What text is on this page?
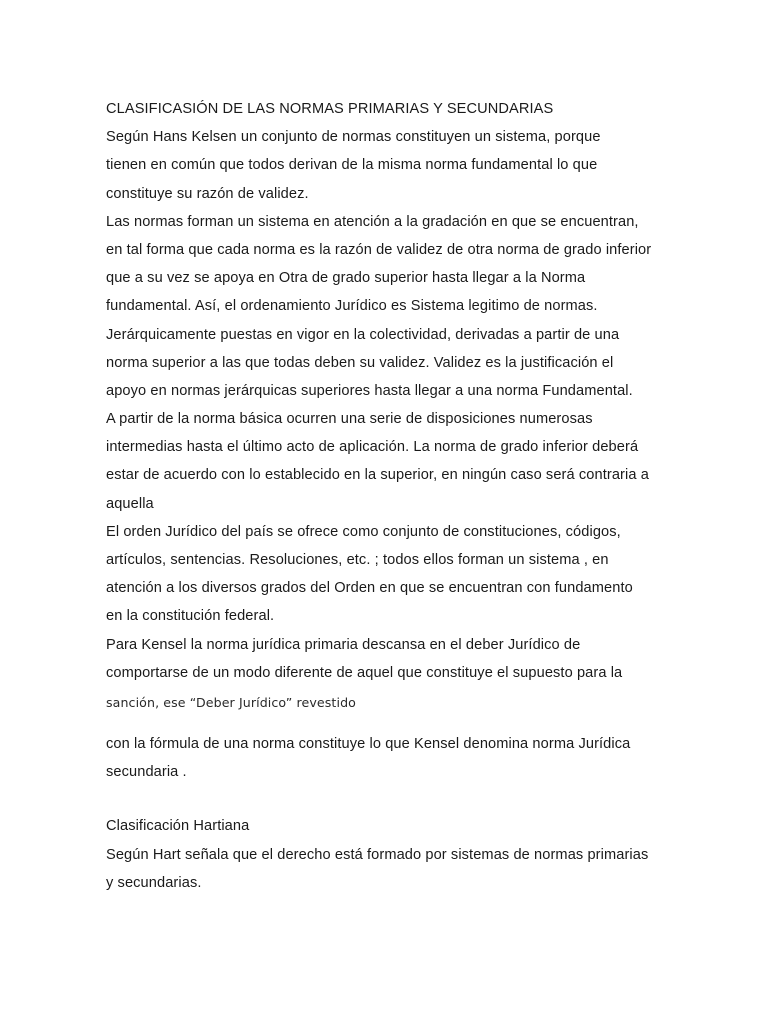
CLASIFICASIÓN DE LAS NORMAS PRIMARIAS Y SECUNDARIAS
Según Hans Kelsen un conjunto de normas constituyen un sistema, porque
tienen en común que todos derivan de la misma norma fundamental lo que
constituye su razón de validez.
Las normas forman un sistema en atención a la gradación en que se encuentran,
en tal forma que cada norma es la razón de validez de otra norma de grado inferior
que a su vez se apoya en Otra de grado superior hasta llegar a la Norma
fundamental. Así, el ordenamiento Jurídico es Sistema legitimo de normas.
Jerárquicamente puestas en vigor en la colectividad, derivadas a partir de una
norma superior a las que todas deben su validez. Validez es la justificación el
apoyo en normas jerárquicas superiores hasta llegar a una norma Fundamental.
A partir de la norma básica ocurren una serie de disposiciones numerosas
intermedias hasta el último acto de aplicación. La norma de grado inferior deberá
estar de acuerdo con lo establecido en la superior, en ningún caso será contraria a
aquella
El orden Jurídico del país se ofrece como conjunto de constituciones, códigos,
artículos, sentencias. Resoluciones, etc. ; todos ellos forman un sistema , en
atención a los diversos grados del Orden en que se encuentran con fundamento
en la constitución federal.
Para Kensel la norma jurídica primaria descansa en el deber Jurídico de
comportarse de un modo diferente de aquel que constituye el supuesto para la
sanción, ese “Deber Jurídico” revestido
con la fórmula de una norma constituye lo que Kensel denomina norma Jurídica
secundaria .
Clasificación Hartiana
Según Hart señala que el derecho está formado por sistemas de normas primarias
y secundarias.
